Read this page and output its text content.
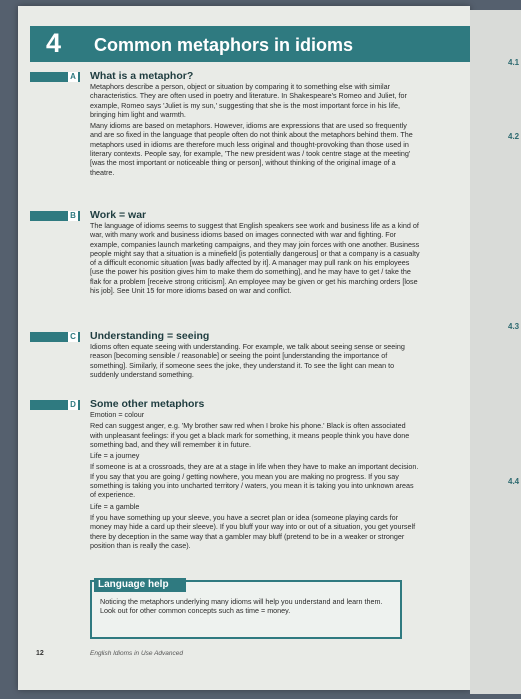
4.1
4.2
4.3
4.4
4 Common metaphors in idioms
A What is a metaphor?

Metaphors describe a person, object or situation by comparing it to something else with similar characteristics. They are often used in poetry and literature. In Shakespeare's Romeo and Juliet, for example, Romeo says 'Juliet is my sun,' suggesting that she is the most important force in his life, bringing him light and warmth.

Many idioms are based on metaphors. However, idioms are expressions that are used so frequently and are so fixed in the language that people often do not think about the metaphors behind them. The metaphors used in idioms are therefore much less original and thought-provoking than those used in literary contexts. People say, for example, 'The new president was / took centre stage at the meeting' [was the most important or noticeable thing or person], without thinking of the original image of a theatre.

B Work = war

The language of idioms seems to suggest that English speakers see work and business life as a kind of war, with many work and business idioms based on images connected with war and fighting. For example, companies launch marketing campaigns, and they may join forces with one another. Business people might say that a situation is a minefield [is potentially dangerous] or that a company is a casualty of a difficult economic situation [was badly affected by it]. A manager may pull rank on his employees [use the power his position gives him to make them do something], and he may have to get / take the flak for a problem [receive strong criticism]. An employee may be given or get his marching orders [lose his job]. See Unit 15 for more idioms based on war and conflict.

C Understanding = seeing

Idioms often equate seeing with understanding. For example, we talk about seeing sense or seeing reason [becoming sensible / reasonable] or seeing the point [understanding the importance of something]. Similarly, if someone sees the joke, they understand it. To see the light can mean to suddenly understand something.

D Some other metaphors

Emotion = colour

Red can suggest anger, e.g. 'My brother saw red when I broke his phone.' Black is often associated with unpleasant feelings: if you get a black mark for something, it means people think you have done something bad, and they will remember it in future.

Life = a journey

If someone is at a crossroads, they are at a stage in life when they have to make an important decision. If you say that you are going / getting nowhere, you mean you are making no progress. If you say something is taking you into uncharted territory / waters, you mean it is taking you into unknown areas of experience.

Life = a gamble

If you have something up your sleeve, you have a secret plan or idea (someone playing cards for money may hide a card up their sleeve). If you bluff your way into or out of a situation, you get yourself there by deception in the same way that a gambler may bluff (pretend to be in a weaker or stronger position than is really the case).

Language help
Noticing the metaphors underlying many idioms will help you understand and learn them. Look out for other common concepts such as time = money.
12	English Idioms in Use Advanced
